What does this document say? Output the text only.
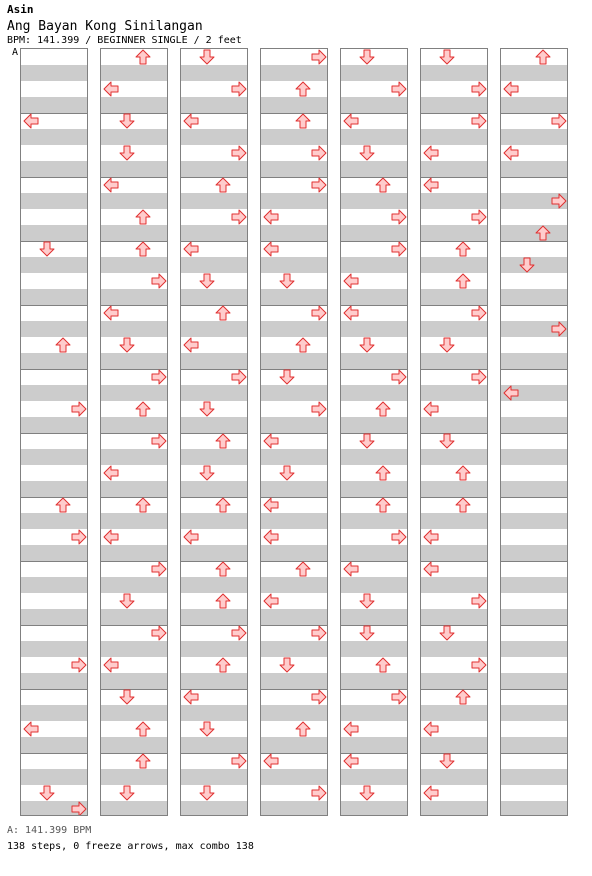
Asin
Ang Bayan Kong Sinilangan
BPM: 141.399 / BEGINNER SINGLE / 2 feet
A
A: 141.399 BPM
138 steps, 0 freeze arrows, max combo 138
